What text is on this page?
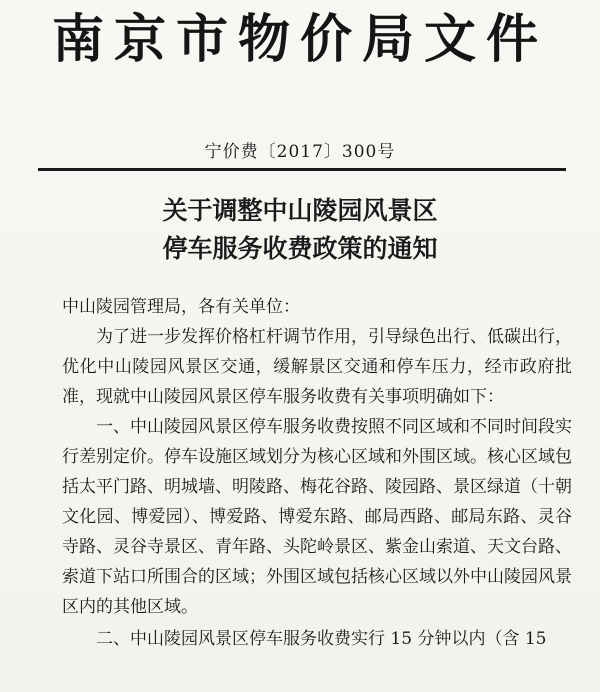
南京市物价局文件
宁价费〔2017〕300号
关于调整中山陵园风景区
停车服务收费政策的通知

中山陵园管理局，各有关单位：

为了进一步发挥价格杠杆调节作用，引导绿色出行、低碳出行，优化中山陵园风景区交通，缓解景区交通和停车压力，经市政府批准，现就中山陵园风景区停车服务收费有关事项明确如下：

一、中山陵园风景区停车服务收费按照不同区域和不同时间段实行差别定价。停车设施区域划分为核心区域和外围区域。核心区域包括太平门路、明城墙、明陵路、梅花谷路、陵园路、景区绿道（十朝文化园、博爱园）、博爱路、博爱东路、邮局西路、邮局东路、灵谷寺路、灵谷寺景区、青年路、头陀岭景区、紫金山索道、天文台路、索道下站口所围合的区域；外围区域包括核心区域以外中山陵园风景区内的其他区域。

二、中山陵园风景区停车服务收费实行 15 分钟以内（含 15
